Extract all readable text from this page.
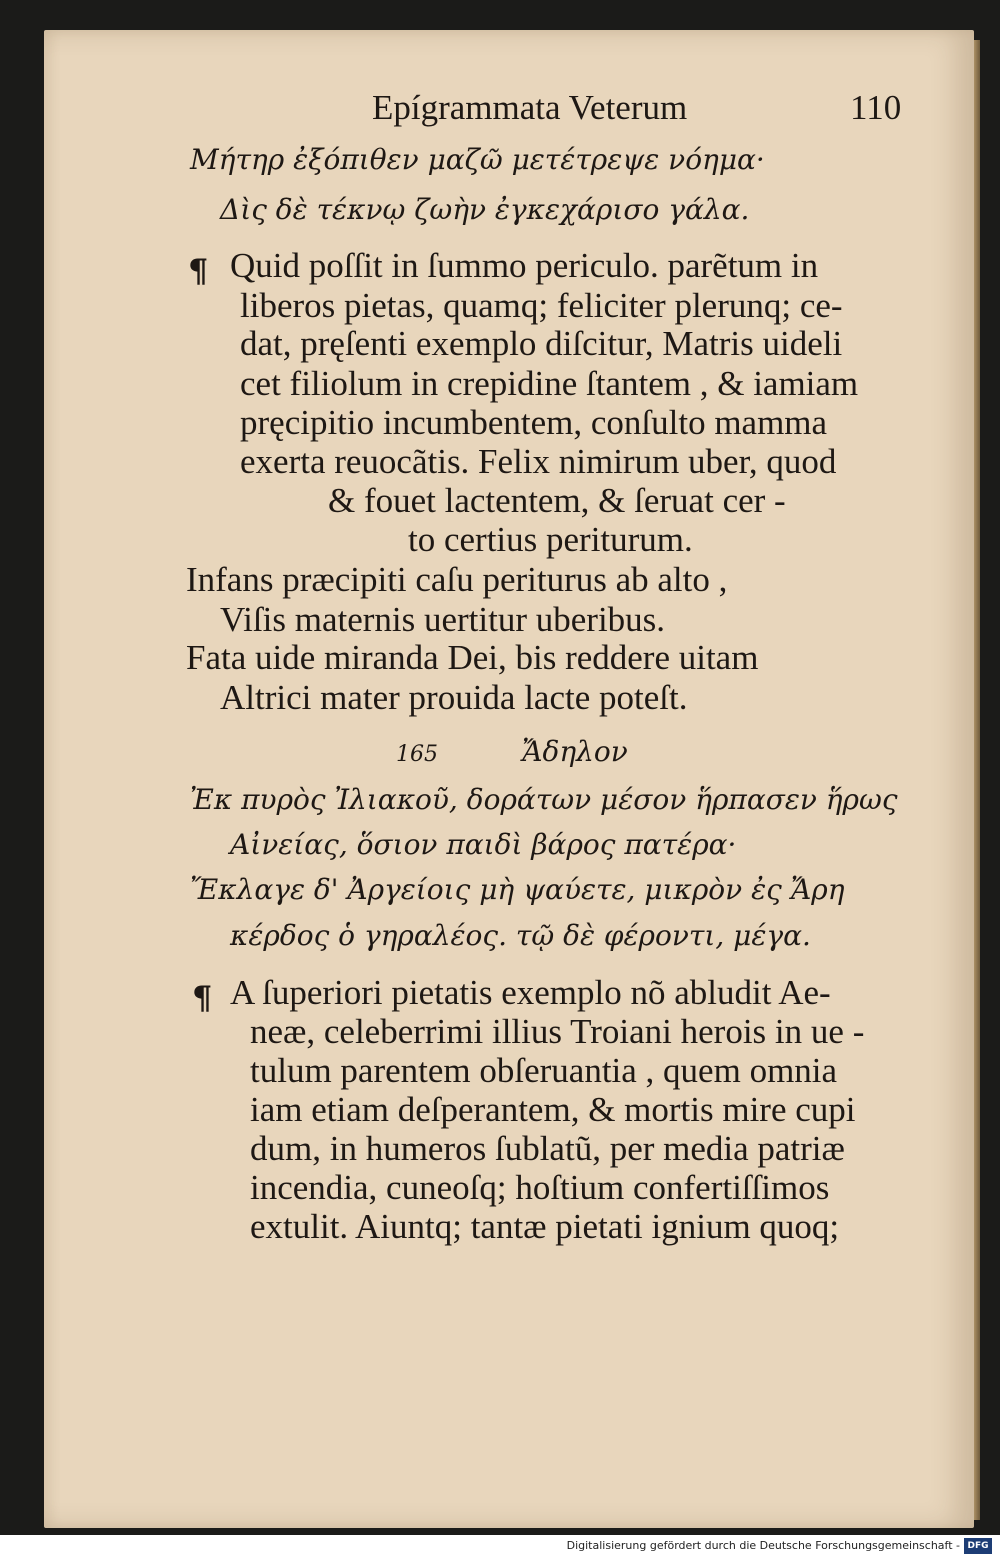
Epígrammata Veterum	110
Μήτηρ ἐξόπιθεν μαζῶ μετέτρεψε νόημα·
Δὶς δὲ τέκνῳ ζωὴν ἐγκεχάρισο γάλα.
¶ Quid poſſit in ſummo periculo. parẽtum in
liberos pietas, quamq; feliciter plerunq; ce-
dat, pręſenti exemplo diſcitur, Matris uideli
cet filiolum in crepidine ſtantem , & iamiam
pręcipitio incumbentem, conſulto mamma
exerta reuocãtis. Felix nimirum uber, quod
& fouet lactentem, & ſeruat cer -
to certius periturum.
Infans præcipiti caſu periturus ab alto ,
Viſis maternis uertitur uberibus.
Fata uide miranda Dei, bis reddere uitam
Altrici mater prouida lacte poteſt.
165	Ἄδηλον
Ἐκ πυρὸς Ἰλιακοῦ, δοράτων μέσον ἥρπασεν ἥρως
Αἰνείας, ὅσιον παιδὶ βάρος πατέρα·
Ἔκλαγε δ' Ἀργείοις μὴ ψαύετε, μικρὸν ἐς Ἄρη
κέρδος ὁ γηραλέος. τῷ δὲ φέροντι, μέγα.
¶ A ſuperiori pietatis exemplo nõ abludit Ae-
neæ, celeberrimi illius Troiani herois in ue -
tulum parentem obſeruantia , quem omnia
iam etiam deſperantem, & mortis mire cupi
dum, in humeros ſublatũ, per media patriæ
incendia, cuneoſq; hoſtium confertiſſimos
extulit. Aiuntq; tantæ pietati ignium quoq;
Digitalisierung gefördert durch die Deutsche Forschungsgemeinschaft - DFG
